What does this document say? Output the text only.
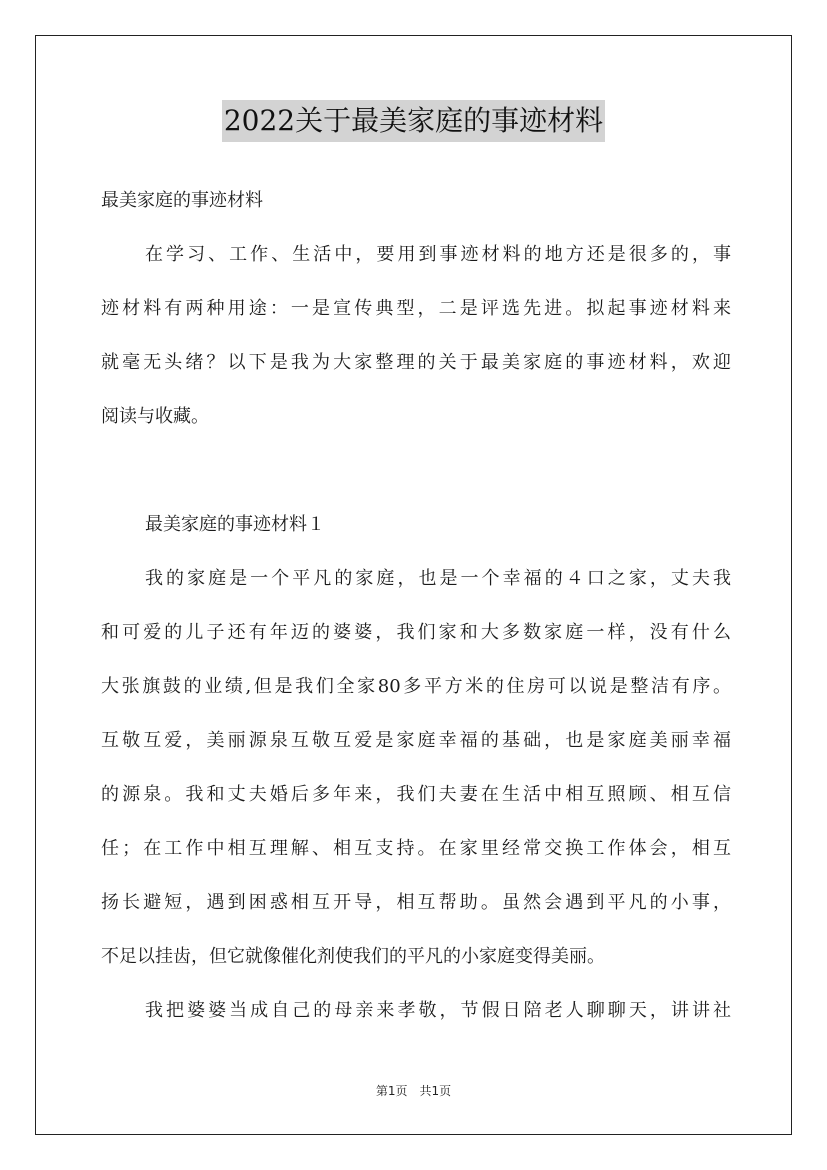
2022关于最美家庭的事迹材料
最美家庭的事迹材料
在学习、工作、生活中，要用到事迹材料的地方还是很多的，事
迹材料有两种用途：一是宣传典型，二是评选先进。拟起事迹材料来
就毫无头绪？以下是我为大家整理的关于最美家庭的事迹材料，欢迎
阅读与收藏。
最美家庭的事迹材料１
我的家庭是一个平凡的家庭，也是一个幸福的４口之家，丈夫我
和可爱的儿子还有年迈的婆婆，我们家和大多数家庭一样，没有什么
大张旗鼓的业绩,但是我们全家80多平方米的住房可以说是整洁有序。
互敬互爱，美丽源泉互敬互爱是家庭幸福的基础，也是家庭美丽幸福
的源泉。我和丈夫婚后多年来，我们夫妻在生活中相互照顾、相互信
任；在工作中相互理解、相互支持。在家里经常交换工作体会，相互
扬长避短，遇到困惑相互开导，相互帮助。虽然会遇到平凡的小事，
不足以挂齿，但它就像催化剂使我们的平凡的小家庭变得美丽。
我把婆婆当成自己的母亲来孝敬，节假日陪老人聊聊天，讲讲社
第1页 共1页
